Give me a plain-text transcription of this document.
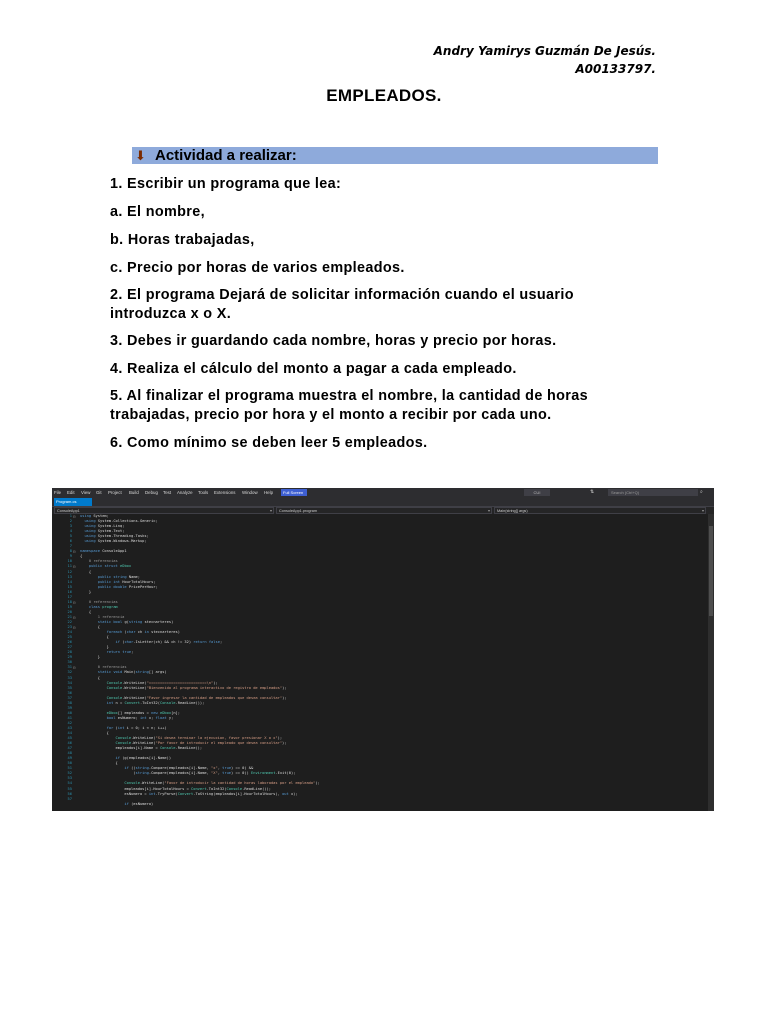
Andry Yamirys Guzmán De Jesús.
A00133797.
EMPLEADOS.
⬇ Actividad a realizar:
1. Escribir un programa que lea:
a. El nombre,
b. Horas trabajadas,
c. Precio por horas de varios empleados.
2. El programa Dejará de solicitar información cuando el usuario
introduzca x o X.
3. Debes ir guardando cada nombre, horas y precio por horas.
4. Realiza el cálculo del monto a pagar a cada empleado.
5. Al finalizar el programa muestra el nombre, la cantidad de horas
trabajadas, precio por hora y el monto a recibir por cada uno.
6. Como mínimo se deben leer 5 empleados.
File Edit View Git Project Build Debug Test Analyze Tools Extensions Window Help Full Screen	CUI	⇅	Search (Ctrl+Q)	⌕
Program.cs
ConsoleApp1	▾ ConsoleApp1.program	▾ Main(string[] args)	▾
1
2
3
4
5
6
7
8
9
10
11
12
13
14
15
16
17
18
19
20
21
22
23
24
25
26
27
28
29
30
31
32
33
34
35
36
37
38
39
40
41
42
43
44
45
46
47
48
49
50
51
52
53
54
55
56
57
⊟
⊟
⊟
⊟
⊟
⊟
⊟
using System;
using System.Collections.Generic;
using System.Linq;
using System.Text;
using System.Threading.Tasks;
using System.Windows.Markup;

namespace ConsoleApp1
{
0 referencias
public struct eDbox
{
public string Name;
public int HourTotalHours;
public double PricePerHour;
}

0 referencias
class program
{
1 referencia
static bool g(string stecnarteres)
{
foreach (char ch in stecnarteres)
{
if (char.IsLetter(ch) && ch != 32) return false;
}
return true;
}

0 referencias
static void Main(string[] args)
{
Console.WriteLine("==========================\n");
Console.WriteLine("Bienvenido al programa interactivo de registro de empleados");

Console.WriteLine("Favor ingresar la cantidad de empleados que desea consultar");
int n = Convert.ToInt32(Console.ReadLine());

eDbox[] empleados = new eDbox[n];
bool esNumero; int x; float y;

for (int i = 0; i < n; i++)
{
Console.WriteLine("Si desea terminar la ejecucion, favor presionar X o x");
Console.WriteLine("Por favor de introducir el empleado que desea consultar");
empleados[i].Name = Console.ReadLine();

if (g(empleados[i].Name))
{
if ((string.Compare(empleados[i].Name, "x", true) == 0) &&
(string.Compare(empleados[i].Name, "X", true) == 0)) Environment.Exit(0);

Console.WriteLine("Favor de introducir la cantidad de horas laboradas por el empleado");
empleados[i].HourTotalHours = Convert.ToInt32(Console.ReadLine());
esNumero = int.TryParse(Convert.ToString(empleados[i].HourTotalHours), out x);

if (esNumero)
